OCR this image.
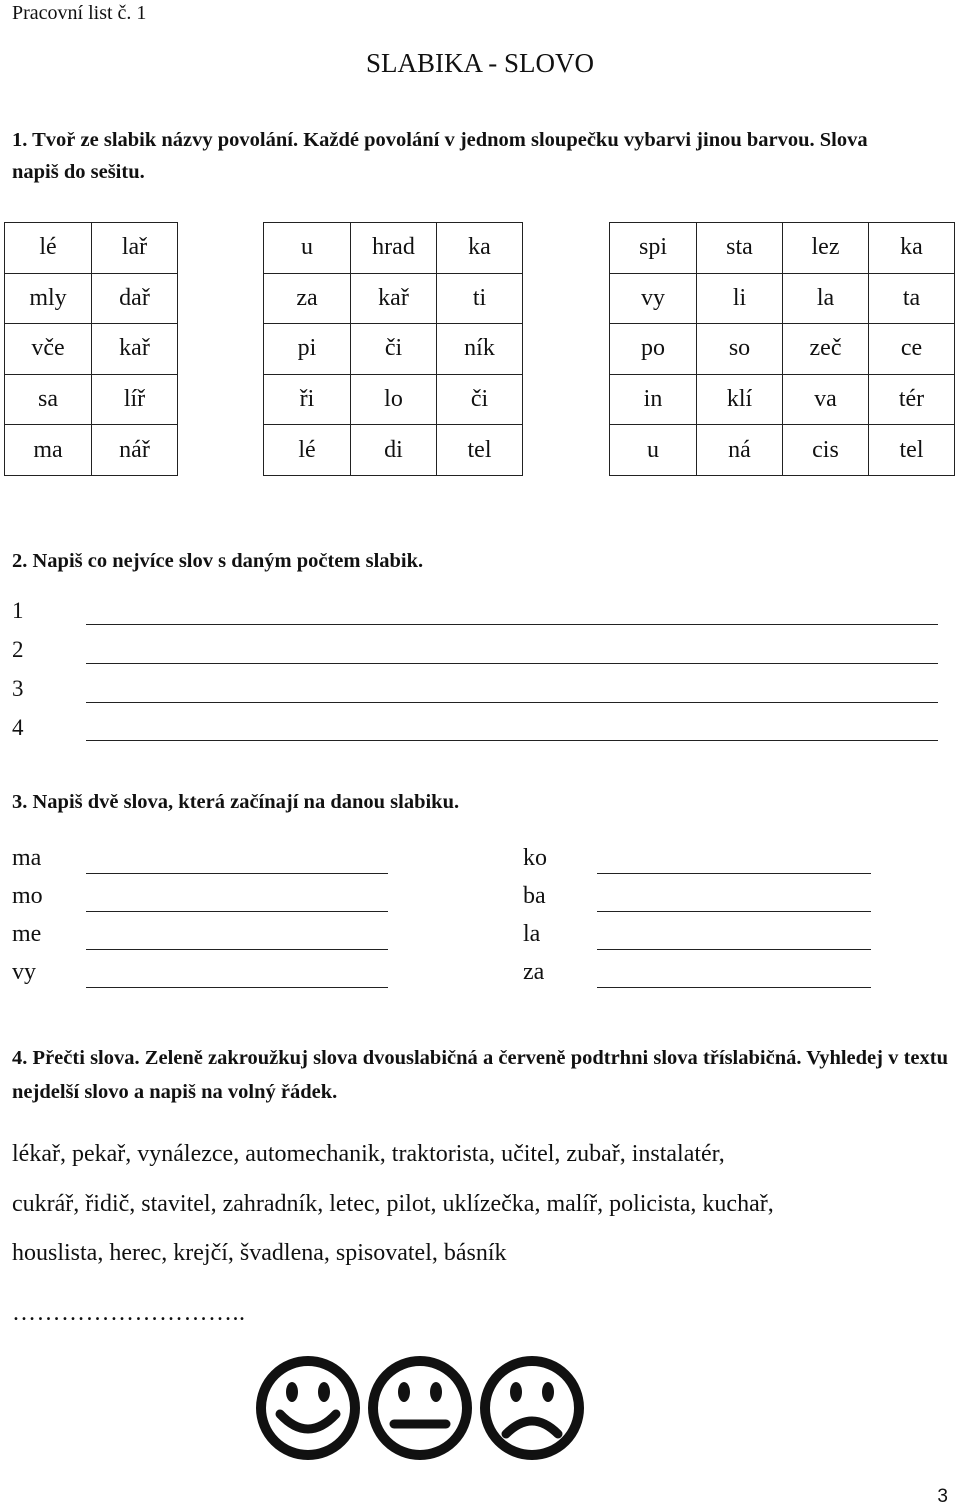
Pracovní list č. 1
SLABIKA - SLOVO
1. Tvoř ze slabik názvy povolání. Každé povolání v jednom sloupečku vybarvi jinou barvou. Slova napiš do sešitu.
lé	lař
mly	dař
vče	kař
sa	líř
ma	nář
u	hrad	ka
za	kař	ti
pi	či	ník
ři	lo	či
lé	di	tel
spi	sta	lez	ka
vy	li	la	ta
po	so	zeč	ce
in	klí	va	tér
u	ná	cis	tel
2. Napiš co nejvíce slov s daným počtem slabik.
1
2
3
4
3. Napiš dvě slova, která začínají na danou slabiku.
ma	ko
mo	ba
me	la
vy	za
4. Přečti slova. Zeleně zakroužkuj slova dvouslabičná a červeně podtrhni slova tříslabičná. Vyhledej v textu nejdelší slovo a napiš na volný řádek.
lékař, pekař, vynálezce, automechanik, traktorista, učitel, zubař, instalatér,
cukrář, řidič, stavitel, zahradník, letec, pilot, uklízečka, malíř, policista, kuchař,
houslista, herec, krejčí, švadlena, spisovatel, básník
………………………..
3
